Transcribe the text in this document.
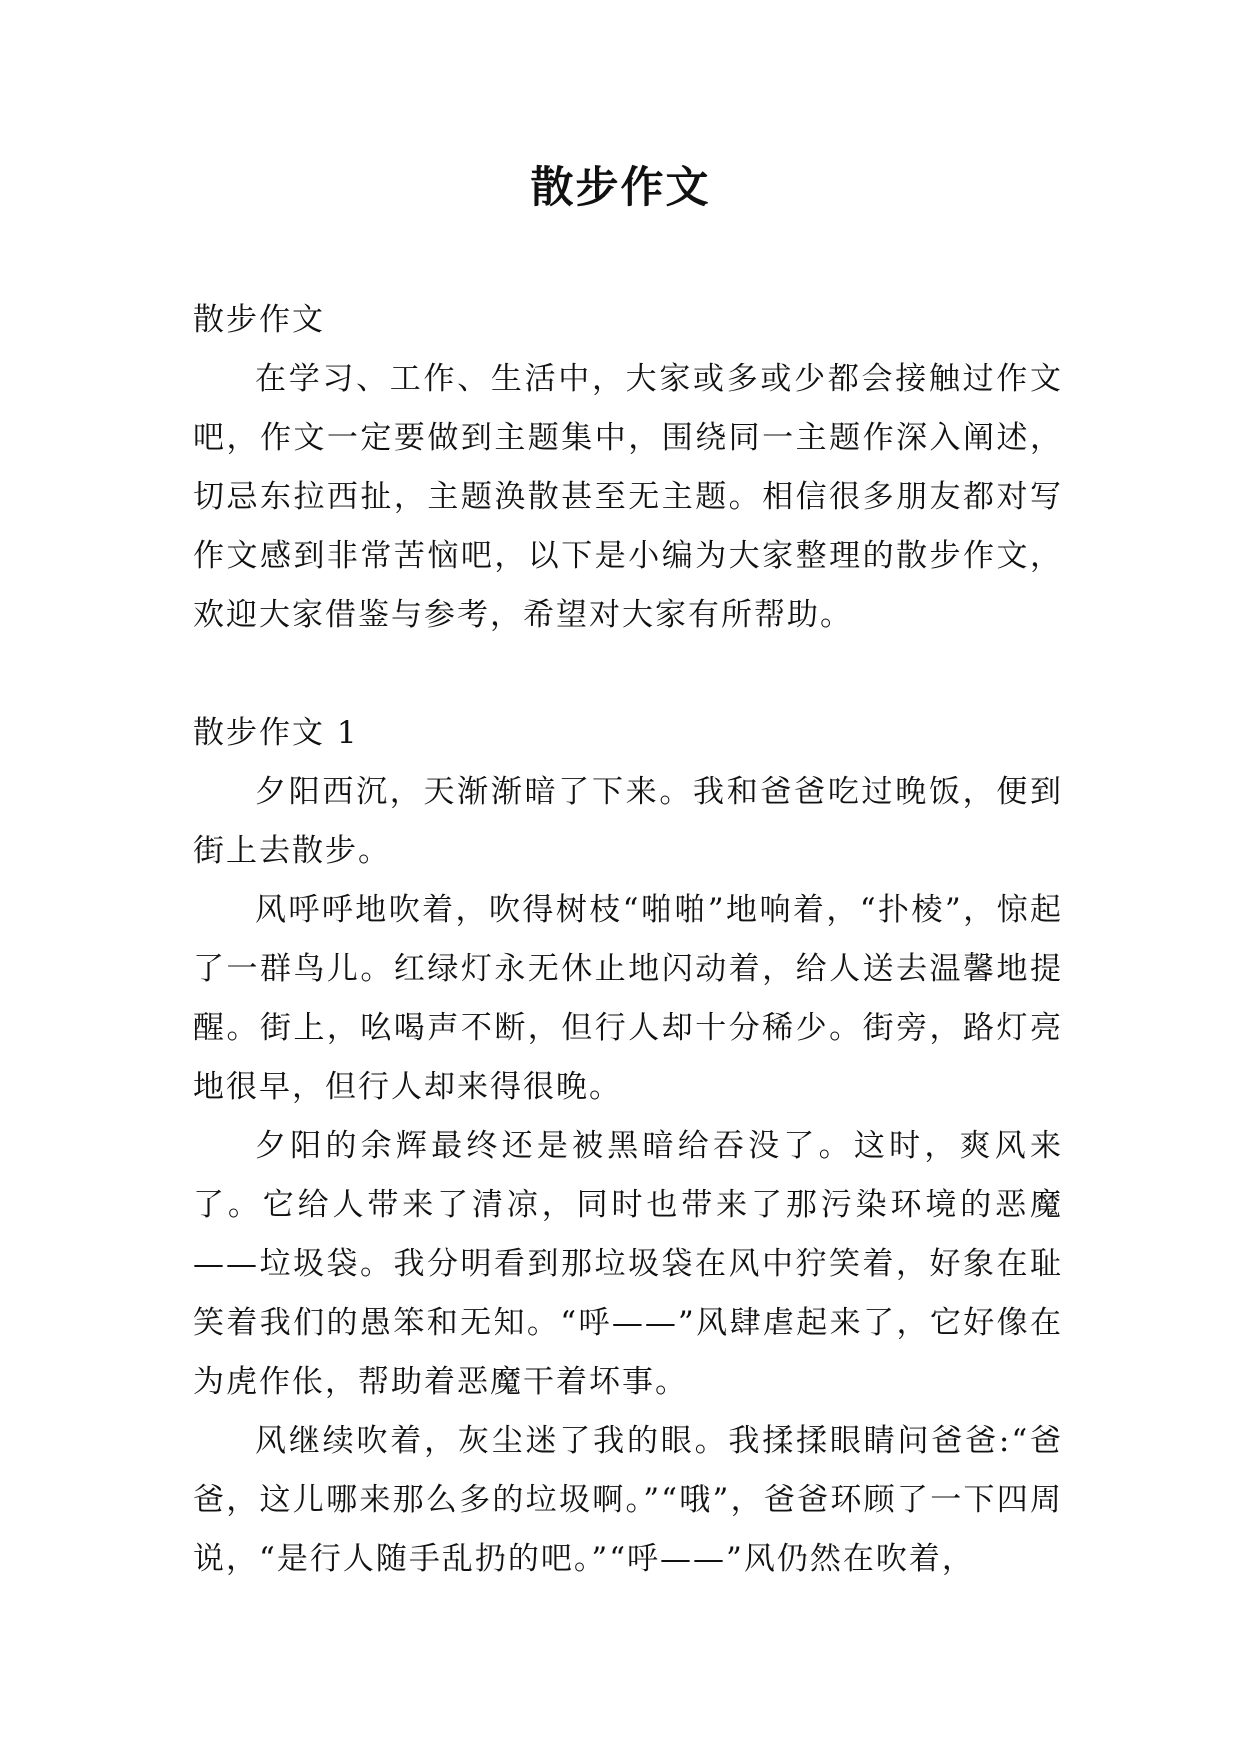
散步作文

散步作文

在学习、工作、生活中，大家或多或少都会接触过作文吧，作文一定要做到主题集中，围绕同一主题作深入阐述，切忌东拉西扯，主题涣散甚至无主题。相信很多朋友都对写作文感到非常苦恼吧，以下是小编为大家整理的散步作文，欢迎大家借鉴与参考，希望对大家有所帮助。

散步作文 1

夕阳西沉，天渐渐暗了下来。我和爸爸吃过晚饭，便到街上去散步。

风呼呼地吹着，吹得树枝“啪啪”地响着，“扑棱”，惊起了一群鸟儿。红绿灯永无休止地闪动着，给人送去温馨地提醒。街上，吆喝声不断，但行人却十分稀少。街旁，路灯亮地很早，但行人却来得很晚。

夕阳的余辉最终还是被黑暗给吞没了。这时，爽风来了。它给人带来了清凉，同时也带来了那污染环境的恶魔——垃圾袋。我分明看到那垃圾袋在风中狞笑着，好象在耻笑着我们的愚笨和无知。“呼——”风肆虐起来了，它好像在为虎作伥，帮助着恶魔干着坏事。

风继续吹着，灰尘迷了我的眼。我揉揉眼睛问爸爸:“爸爸，这儿哪来那么多的垃圾啊。”“哦”，爸爸环顾了一下四周说，“是行人随手乱扔的吧。”“呼——”风仍然在吹着，
